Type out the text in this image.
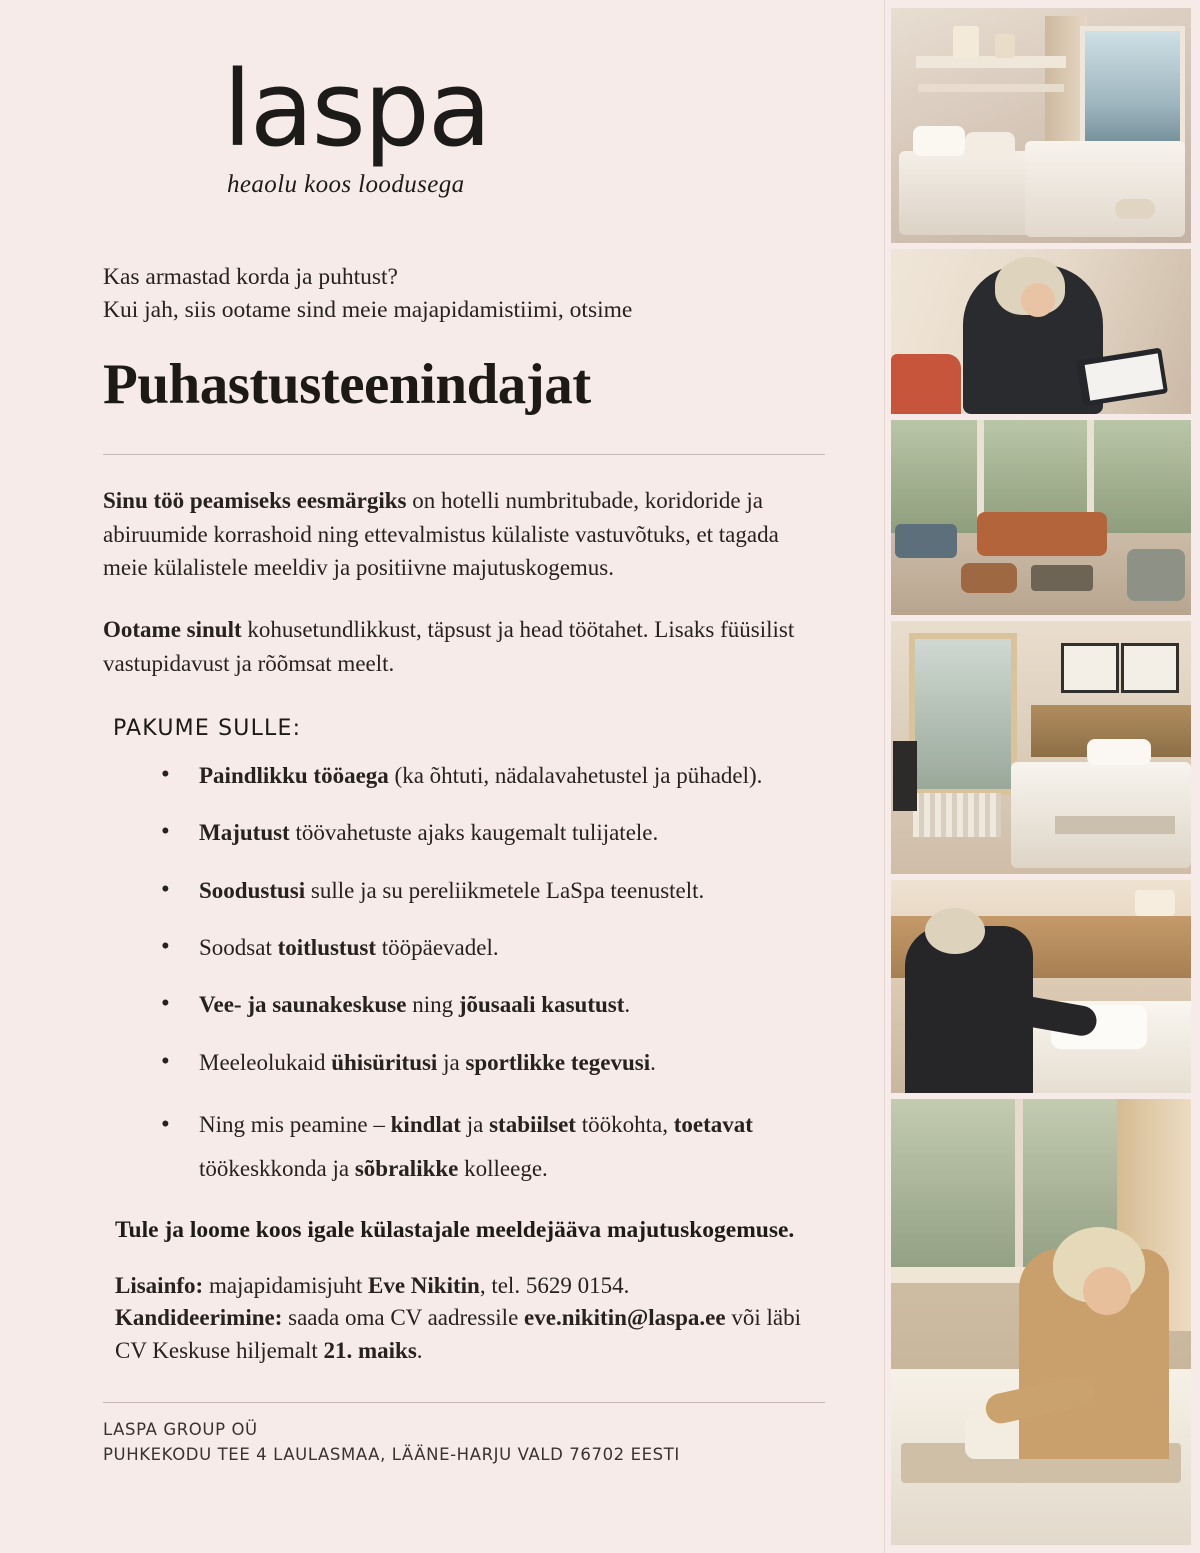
laspa
heaolu koos loodusega
Kas armastad korda ja puhtust?
Kui jah, siis ootame sind meie majapidamistiimi, otsime
Puhastusteenindajat

Sinu töö peamiseks eesmärgiks on hotelli numbritubade, koridoride ja abiruumide korrashoid ning ettevalmistus külaliste vastuvõtuks, et tagada meie külalistele meeldiv ja positiivne majutuskogemus.

Ootame sinult kohusetundlikkust, täpsust ja head töötahet. Lisaks füüsilist vastupidavust ja rõõmsat meelt.

PAKUME SULLE:
• Paindlikku tööaega (ka õhtuti, nädalavahetustel ja pühadel).
• Majutust töövahetuste ajaks kaugemalt tulijatele.
• Soodustusi sulle ja su pereliikmetele LaSpa teenustelt.
• Soodsat toitlustust tööpäevadel.
• Vee- ja saunakeskuse ning jõusaali kasutust.
• Meeleolukaid ühisüritusi ja sportlikke tegevusi.
• Ning mis peamine – kindlat ja stabiilset töökohta, toetavat töökeskkonda ja sõbralikke kolleege.

Tule ja loome koos igale külastajale meeldejääva majutuskogemuse.

Lisainfo: majapidamisjuht Eve Nikitin, tel. 5629 0154.
Kandideerimine: saada oma CV aadressile eve.nikitin@laspa.ee või läbi CV Keskuse hiljemalt 21. maiks.

LASPA GROUP OÜ
PUHKEKODU TEE 4 LAULASMAA, LÄÄNE-HARJU VALD 76702 EESTI
